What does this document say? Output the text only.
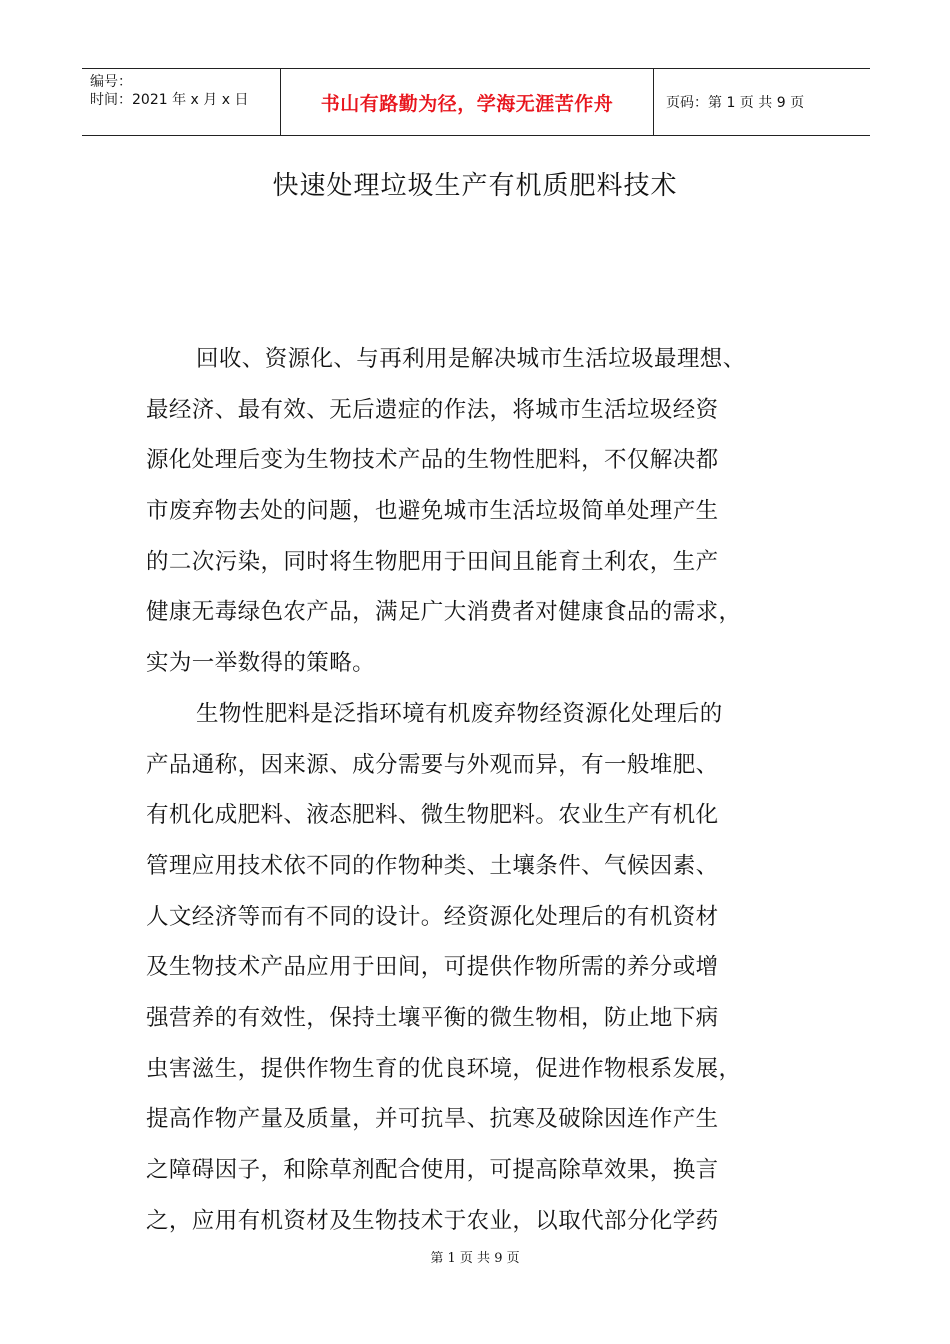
编号：
时间：2021 年 x 月 x 日	书山有路勤为径，学海无涯苦作舟	页码：第 1 页 共 9 页
快速处理垃圾生产有机质肥料技术
回收、资源化、与再利用是解决城市生活垃圾最理想、
最经济、最有效、无后遗症的作法，将城市生活垃圾经资
源化处理后变为生物技术产品的生物性肥料，不仅解决都
市废弃物去处的问题，也避免城市生活垃圾简单处理产生
的二次污染，同时将生物肥用于田间且能育土利农，生产
健康无毒绿色农产品，满足广大消费者对健康食品的需求，
实为一举数得的策略。
生物性肥料是泛指环境有机废弃物经资源化处理后的
产品通称，因来源、成分需要与外观而异，有一般堆肥、
有机化成肥料、液态肥料、微生物肥料。农业生产有机化
管理应用技术依不同的作物种类、土壤条件、气候因素、
人文经济等而有不同的设计。经资源化处理后的有机资材
及生物技术产品应用于田间，可提供作物所需的养分或增
强营养的有效性，保持土壤平衡的微生物相，防止地下病
虫害滋生，提供作物生育的优良环境，促进作物根系发展，
提高作物产量及质量，并可抗旱、抗寒及破除因连作产生
之障碍因子，和除草剂配合使用，可提高除草效果，换言
之，应用有机资材及生物技术于农业，以取代部分化学药
第 1 页 共 9 页
